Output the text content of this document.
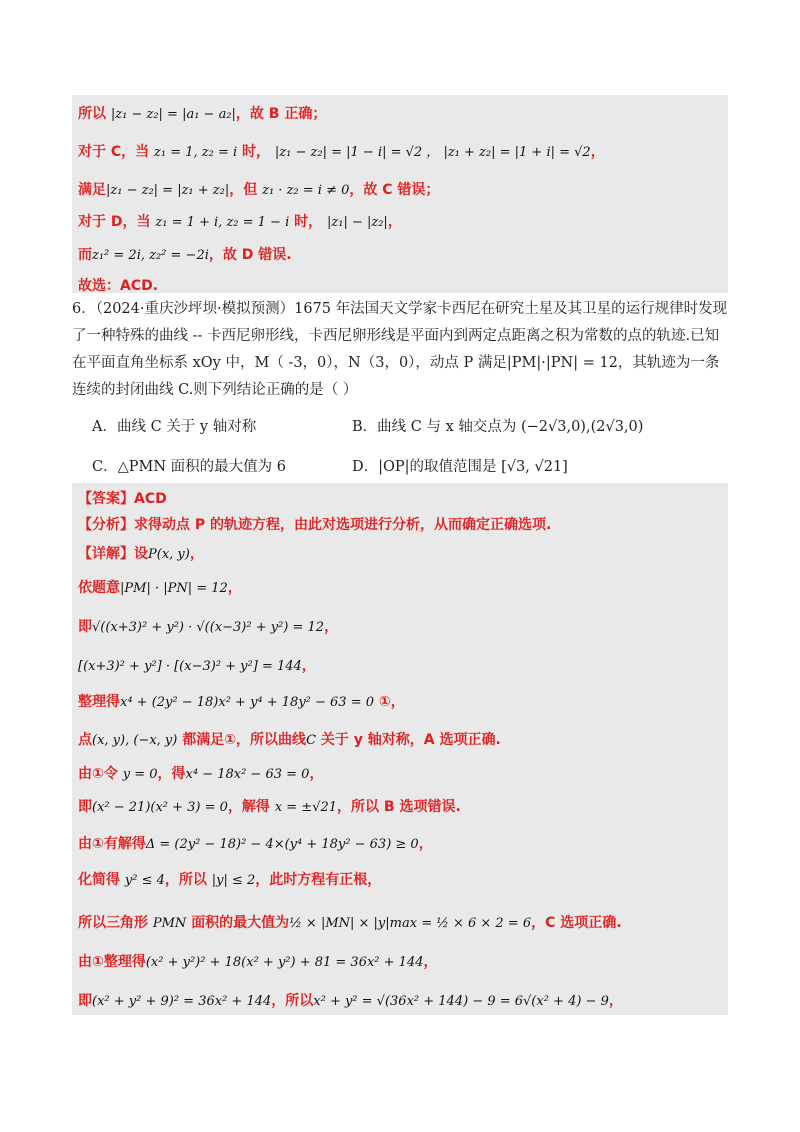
所以 |z₁ − z₂| = |a₁ − a₂|，故 B 正确；
对于 C，当 z₁ = 1, z₂ = i 时， |z₁ − z₂| = |1 − i| = √2 ， |z₁ + z₂| = |1 + i| = √2，
满足|z₁ − z₂| = |z₁ + z₂|，但 z₁ · z₂ = i ≠ 0，故 C 错误；
对于 D，当 z₁ = 1 + i, z₂ = 1 − i 时， |z₁| − |z₂|，
而z₁² = 2i, z₂² = −2i，故 D 错误.
故选：ACD.
6．（2024·重庆沙坪坝·模拟预测）1675 年法国天文学家卡西尼在研究土星及其卫星的运行规律时发现了一种特殊的曲线 -- 卡西尼卵形线，卡西尼卵形线是平面内到两定点距离之积为常数的点的轨迹.已知在平面直角坐标系 xOy 中，M（ -3，0），N（3，0），动点 P 满足|PM|·|PN| = 12，其轨迹为一条连续的封闭曲线 C.则下列结论正确的是（ ）
A．曲线 C 关于 y 轴对称	B．曲线 C 与 x 轴交点为 (−2√3,0),(2√3,0)
C．△PMN 面积的最大值为 6	D．|OP|的取值范围是 [√3, √21]
【答案】ACD
【分析】求得动点 P 的轨迹方程，由此对选项进行分析，从而确定正确选项.
【详解】设P(x, y)，
依题意|PM| · |PN| = 12，
即√((x+3)² + y²) · √((x−3)² + y²) = 12，
[(x+3)² + y²] · [(x−3)² + y²] = 144，
整理得x⁴ + (2y² − 18)x² + y⁴ + 18y² − 63 = 0 ①，
点(x, y), (−x, y) 都满足①，所以曲线C 关于 y 轴对称，A 选项正确.
由①令 y = 0，得x⁴ − 18x² − 63 = 0，
即(x² − 21)(x² + 3) = 0，解得 x = ±√21，所以 B 选项错误.
由①有解得Δ = (2y² − 18)² − 4×(y⁴ + 18y² − 63) ≥ 0，
化简得 y² ≤ 4，所以 |y| ≤ 2，此时方程有正根，
所以三角形 PMN 面积的最大值为½ × |MN| × |y|max = ½ × 6 × 2 = 6，C 选项正确.
由①整理得(x² + y²)² + 18(x² + y²) + 81 = 36x² + 144，
即(x² + y² + 9)² = 36x² + 144，所以x² + y² = √(36x² + 144) − 9 = 6√(x² + 4) − 9，
